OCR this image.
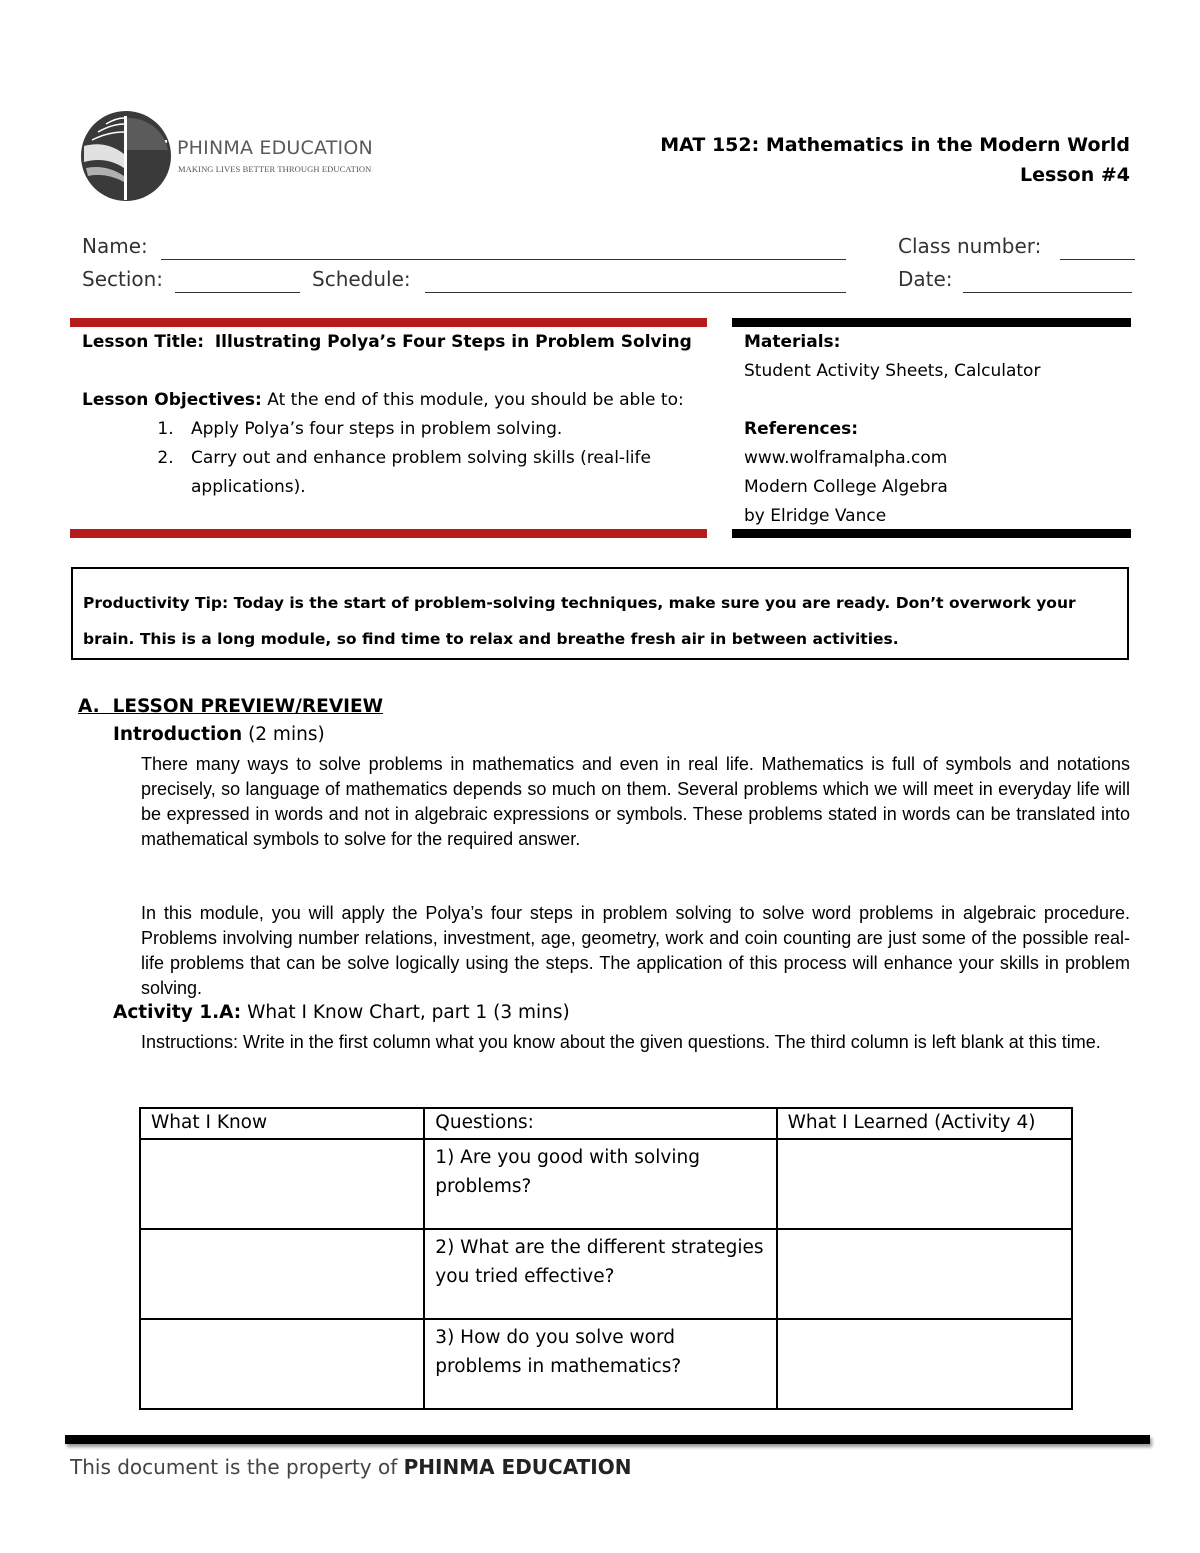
PHINMA EDUCATION
MAKING LIVES BETTER THROUGH EDUCATION
MAT 152: Mathematics in the Modern World
Lesson #4
Name:	Class number:
Section:	Schedule:	Date:
Lesson Title: Illustrating Polya’s Four Steps in Problem Solving
Lesson Objectives: At the end of this module, you should be able to:
1. Apply Polya’s four steps in problem solving.
2. Carry out and enhance problem solving skills (real-life applications).
Materials:
Student Activity Sheets, Calculator
References:
www.wolframalpha.com
Modern College Algebra
by Elridge Vance
Productivity Tip: Today is the start of problem-solving techniques, make sure you are ready. Don’t overwork your brain. This is a long module, so find time to relax and breathe fresh air in between activities.
A. LESSON PREVIEW/REVIEW
Introduction (2 mins)
There many ways to solve problems in mathematics and even in real life. Mathematics is full of symbols and notations precisely, so language of mathematics depends so much on them. Several problems which we will meet in everyday life will be expressed in words and not in algebraic expressions or symbols. These problems stated in words can be translated into mathematical symbols to solve for the required answer.
In this module, you will apply the Polya’s four steps in problem solving to solve word problems in algebraic procedure. Problems involving number relations, investment, age, geometry, work and coin counting are just some of the possible real-life problems that can be solve logically using the steps. The application of this process will enhance your skills in problem solving.
Activity 1.A: What I Know Chart, part 1 (3 mins)
Instructions: Write in the first column what you know about the given questions. The third column is left blank at this time.
What I Know	Questions:	What I Learned (Activity 4)
	1) Are you good with solving problems?	
	2) What are the different strategies you tried effective?	
	3) How do you solve word problems in mathematics?	
This document is the property of PHINMA EDUCATION
